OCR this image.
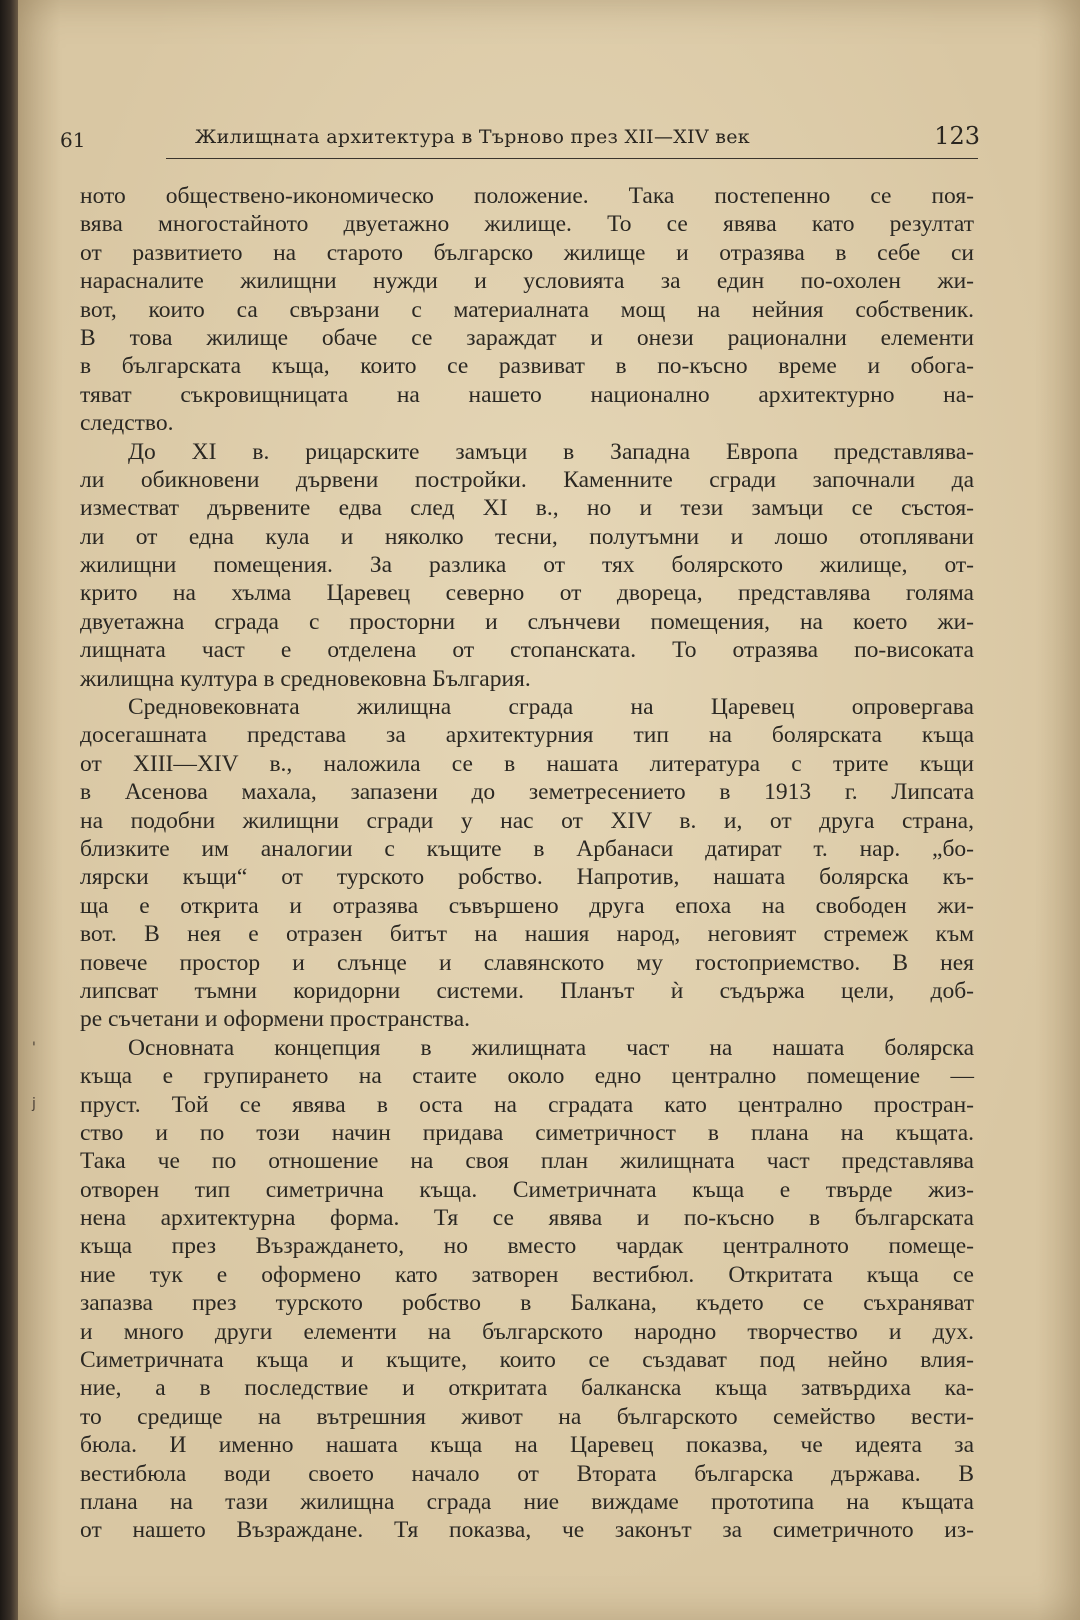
61	Жилищната архитектура в Търново през XII—XIV век	123
ното обществено-икономическо положение. Така постепенно се поя-
вява многостайното двуетажно жилище. То се явява като резултат
от развитието на старото българско жилище и отразява в себе си
нарасналите жилищни нужди и условията за един по-охолен жи-
вот, които са свързани с материалната мощ на нейния собственик.
В това жилище обаче се зараждат и онези рационални елементи
в българската къща, които се развиват в по-късно време и обога-
тяват съкровищницата на нашето национално архитектурно на-
следство.
До XI в. рицарските замъци в Западна Европа представлява-
ли обикновени дървени постройки. Каменните сгради започнали да
изместват дървените едва след XI в., но и тези замъци се състоя-
ли от една кула и няколко тесни, полутъмни и лошо отоплявани
жилищни помещения. За разлика от тях болярското жилище, от-
крито на хълма Царевец северно от двореца, представлява голяма
двуетажна сграда с просторни и слънчеви помещения, на което жи-
лищната част е отделена от стопанската. То отразява по-високата
жилищна култура в средновековна България.
Средновековната жилищна сграда на Царевец опровергава
досегашната представа за архитектурния тип на болярската къща
от XIII—XIV в., наложила се в нашата литература с трите къщи
в Асенова махала, запазени до земетресението в 1913 г. Липсата
на подобни жилищни сгради у нас от XIV в. и, от друга страна,
близките им аналогии с къщите в Арбанаси датират т. нар. „бо-
лярски къщи“ от турското робство. Напротив, нашата болярска къ-
ща е открита и отразява съвършено друга епоха на свободен жи-
вот. В нея е отразен битът на нашия народ, неговият стремеж към
повече простор и слънце и славянското му гостоприемство. В нея
липсват тъмни коридорни системи. Планът ѝ съдържа цели, доб-
ре съчетани и оформени пространства.
Основната концепция в жилищната част на нашата болярска
къща е групирането на стаите около едно централно помещение —
пруст. Той се явява в оста на сградата като централно простран-
ство и по този начин придава симетричност в плана на къщата.
Така че по отношение на своя план жилищната част представлява
отворен тип симетрична къща. Симетричната къща е твърде жиз-
нена архитектурна форма. Тя се явява и по-късно в българската
къща през Възраждането, но вместо чардак централното помеще-
ние тук е оформено като затворен вестибюл. Откритата къща се
запазва през турското робство в Балкана, където се съхраняват
и много други елементи на българското народно творчество и дух.
Симетричната къща и къщите, които се създават под нейно влия-
ние, а в последствие и откритата балканска къща затвърдиха ка-
то средище на вътрешния живот на българското семейство вести-
бюла. И именно нашата къща на Царевец показва, че идеята за
вестибюла води своето начало от Втората българска държава. В
плана на тази жилищна сграда ние виждаме прототипа на къщата
от нашето Възраждане. Тя показва, че законът за симетричното из-
'
j
